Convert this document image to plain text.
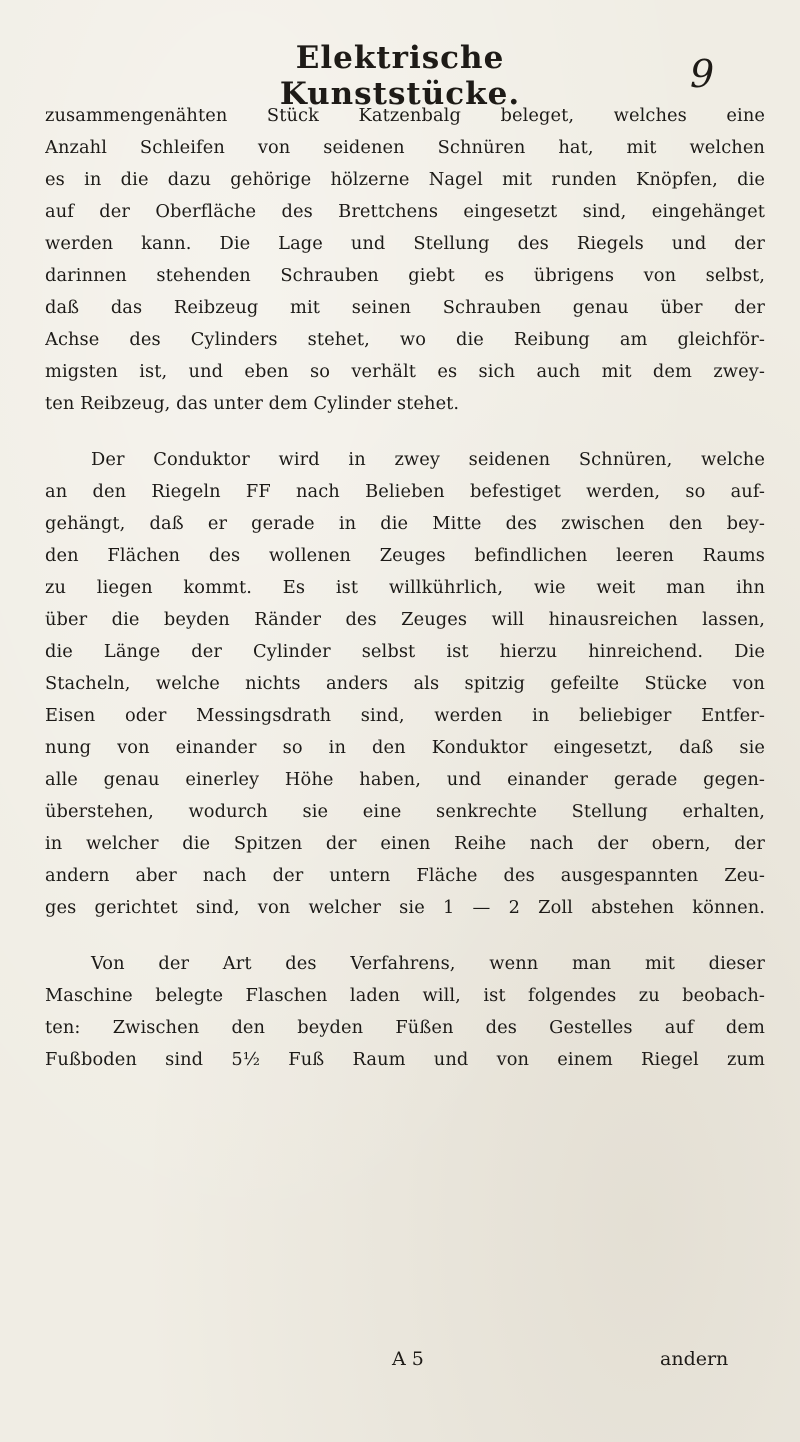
Elektrische Kunststücke.	9
zusammengenähten Stück Katzenbalg beleget, welches eine
Anzahl Schleifen von seidenen Schnüren hat, mit welchen
es in die dazu gehörige hölzerne Nagel mit runden Knöpfen, die
auf der Oberfläche des Brettchens eingesetzt sind, eingehänget
werden kann. Die Lage und Stellung des Riegels und der
darinnen stehenden Schrauben giebt es übrigens von selbst,
daß das Reibzeug mit seinen Schrauben genau über der
Achse des Cylinders stehet, wo die Reibung am gleichför-
migsten ist, und eben so verhält es sich auch mit dem zwey-
ten Reibzeug, das unter dem Cylinder stehet.
Der Conduktor wird in zwey seidenen Schnüren, welche
an den Riegeln FF nach Belieben befestiget werden, so auf-
gehängt, daß er gerade in die Mitte des zwischen den bey-
den Flächen des wollenen Zeuges befindlichen leeren Raums
zu liegen kommt. Es ist willkührlich, wie weit man ihn
über die beyden Ränder des Zeuges will hinausreichen lassen,
die Länge der Cylinder selbst ist hierzu hinreichend. Die
Stacheln, welche nichts anders als spitzig gefeilte Stücke von
Eisen oder Messingsdrath sind, werden in beliebiger Entfer-
nung von einander so in den Konduktor eingesetzt, daß sie
alle genau einerley Höhe haben, und einander gerade gegen-
überstehen, wodurch sie eine senkrechte Stellung erhalten,
in welcher die Spitzen der einen Reihe nach der obern, der
andern aber nach der untern Fläche des ausgespannten Zeu-
ges gerichtet sind, von welcher sie 1 — 2 Zoll abstehen können.
Von der Art des Verfahrens, wenn man mit dieser
Maschine belegte Flaschen laden will, ist folgendes zu beobach-
ten: Zwischen den beyden Füßen des Gestelles auf dem
Fußboden sind 5½ Fuß Raum und von einem Riegel zum
A 5	andern
